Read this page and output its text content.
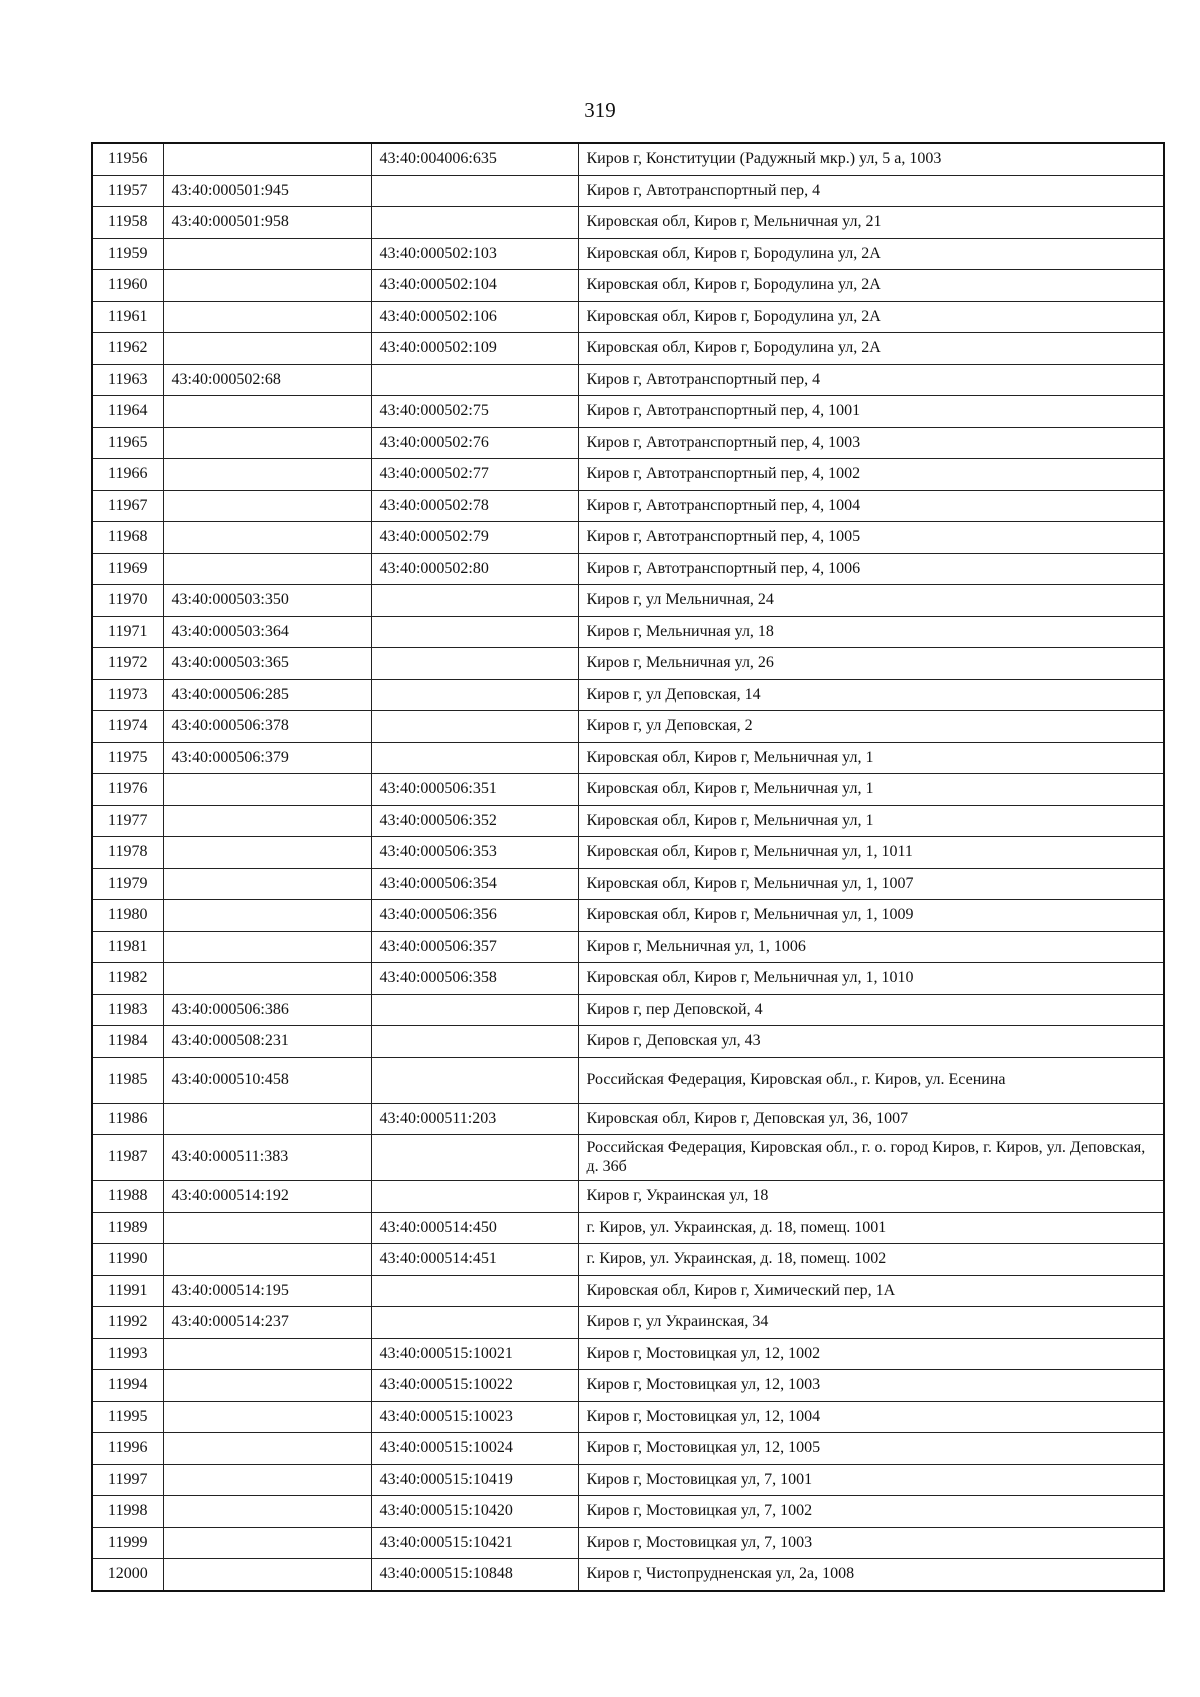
319
11956		43:40:004006:635	Киров г, Конституции (Радужный мкр.) ул, 5 а, 1003
11957	43:40:000501:945		Киров г, Автотранспортный пер, 4
11958	43:40:000501:958		Кировская обл, Киров г, Мельничная ул, 21
11959		43:40:000502:103	Кировская обл, Киров г, Бородулина ул, 2А
11960		43:40:000502:104	Кировская обл, Киров г, Бородулина ул, 2А
11961		43:40:000502:106	Кировская обл, Киров г, Бородулина ул, 2А
11962		43:40:000502:109	Кировская обл, Киров г, Бородулина ул, 2А
11963	43:40:000502:68		Киров г, Автотранспортный пер, 4
11964		43:40:000502:75	Киров г, Автотранспортный пер, 4, 1001
11965		43:40:000502:76	Киров г, Автотранспортный пер, 4, 1003
11966		43:40:000502:77	Киров г, Автотранспортный пер, 4, 1002
11967		43:40:000502:78	Киров г, Автотранспортный пер, 4, 1004
11968		43:40:000502:79	Киров г, Автотранспортный пер, 4, 1005
11969		43:40:000502:80	Киров г, Автотранспортный пер, 4, 1006
11970	43:40:000503:350		Киров г, ул Мельничная, 24
11971	43:40:000503:364		Киров г, Мельничная ул, 18
11972	43:40:000503:365		Киров г, Мельничная ул, 26
11973	43:40:000506:285		Киров г, ул Деповская, 14
11974	43:40:000506:378		Киров г, ул Деповская, 2
11975	43:40:000506:379		Кировская обл, Киров г, Мельничная ул, 1
11976		43:40:000506:351	Кировская обл, Киров г, Мельничная ул, 1
11977		43:40:000506:352	Кировская обл, Киров г, Мельничная ул, 1
11978		43:40:000506:353	Кировская обл, Киров г, Мельничная ул, 1, 1011
11979		43:40:000506:354	Кировская обл, Киров г, Мельничная ул, 1, 1007
11980		43:40:000506:356	Кировская обл, Киров г, Мельничная ул, 1, 1009
11981		43:40:000506:357	Киров г, Мельничная ул, 1, 1006
11982		43:40:000506:358	Кировская обл, Киров г, Мельничная ул, 1, 1010
11983	43:40:000506:386		Киров г, пер Деповской, 4
11984	43:40:000508:231		Киров г, Деповская ул, 43
11985	43:40:000510:458		Российская Федерация, Кировская обл., г. Киров, ул. Есенина
11986		43:40:000511:203	Кировская обл, Киров г, Деповская ул, 36, 1007
11987	43:40:000511:383		Российская Федерация, Кировская обл., г. о. город Киров, г. Киров, ул. Деповская, д. 36б
11988	43:40:000514:192		Киров г, Украинская ул, 18
11989		43:40:000514:450	г. Киров, ул. Украинская, д. 18, помещ. 1001
11990		43:40:000514:451	г. Киров, ул. Украинская, д. 18, помещ. 1002
11991	43:40:000514:195		Кировская обл, Киров г, Химический пер, 1А
11992	43:40:000514:237		Киров г, ул Украинская, 34
11993		43:40:000515:10021	Киров г, Мостовицкая ул, 12, 1002
11994		43:40:000515:10022	Киров г, Мостовицкая ул, 12, 1003
11995		43:40:000515:10023	Киров г, Мостовицкая ул, 12, 1004
11996		43:40:000515:10024	Киров г, Мостовицкая ул, 12, 1005
11997		43:40:000515:10419	Киров г, Мостовицкая ул, 7, 1001
11998		43:40:000515:10420	Киров г, Мостовицкая ул, 7, 1002
11999		43:40:000515:10421	Киров г, Мостовицкая ул, 7, 1003
12000		43:40:000515:10848	Киров г, Чистопрудненская ул, 2а, 1008
